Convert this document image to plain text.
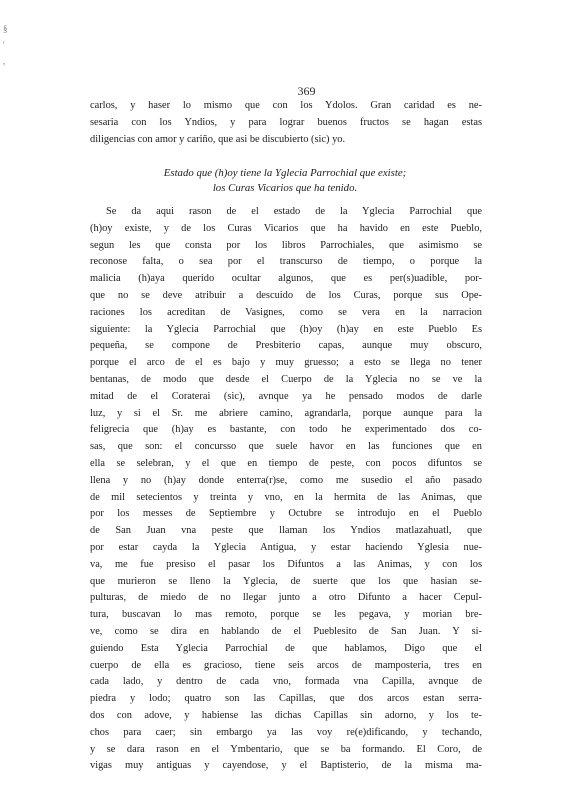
§
'
,
369
carlos, y haser lo mismo que con los Ydolos. Gran caridad es ne-
sesaria con los Yndios, y para lograr buenos fructos se hagan estas
diligencias con amor y cariño, que asi be discubierto (sic) yo.
Estado que (h)oy tiene la Yglecia Parrochial que existe;
los Curas Vicarios que ha tenido.
Se da aqui rason de el estado de la Yglecia Parrochial que
(h)oy existe, y de los Curas Vicarios que ha havido en este Pueblo,
segun les que consta por los libros Parrochiales, que asimismo se
reconose falta, o sea por el transcurso de tiempo, o porque la
malicia (h)aya querido ocultar algunos, que es per(s)uadible, por-
que no se deve atribuir a descuido de los Curas, porque sus Ope-
raciones los acreditan de Vasignes, como se vera en la narracion
siguiente: la Yglecia Parrochial que (h)oy (h)ay en este Pueblo Es
pequeña, se compone de Presbiterio capas, aunque muy obscuro,
porque el arco de el es bajo y muy gruesso; a esto se llega no tener
bentanas, de modo que desde el Cuerpo de la Yglecia no se ve la
mitad de el Coraterai (sic), avnque ya he pensado modos de darle
luz, y si el Sr. me abriere camino, agrandarla, porque aunque para la
feligrecia que (h)ay es bastante, con todo he experimentado dos co-
sas, que son: el concursso que suele havor en las funciones que en
ella se selebran, y el que en tiempo de peste, con pocos difuntos se
llena y no (h)ay donde enterra(r)se, como me susedio el año pasado
de mil setecientos y treinta y vno, en la hermita de las Animas, que
por los messes de Septiembre y Octubre se introdujo en el Pueblo
de San Juan vna peste que llaman los Yndios matlazahuatl, que
por estar cayda la Yglecia Antigua, y estar haciendo Yglesia nue-
va, me fue presiso el pasar los Difuntos a las Animas, y con los
que murieron se lleno la Yglecia, de suerte que los que hasian se-
pulturas, de miedo de no llegar junto a otro Difunto a hacer Cepul-
tura, buscavan lo mas remoto, porque se les pegava, y morian bre-
ve, como se dira en hablando de el Pueblesito de San Juan. Y si-
guiendo Esta Yglecia Parrochial de que hablamos, Digo que el
cuerpo de ella es gracioso, tiene seis arcos de mamposteria, tres en
cada lado, y dentro de cada vno, formada vna Capilla, avnque de
piedra y lodo; quatro son las Capillas, que dos arcos estan serra-
dos con adove, y habiense las dichas Capillas sin adorno, y los te-
chos para caer; sin embargo ya las voy re(e)dificando, y techando,
y se dara rason en el Ymbentario, que se ba formando. El Coro, de
vigas muy antiguas y cayendose, y el Baptisterio, de la misma ma-
